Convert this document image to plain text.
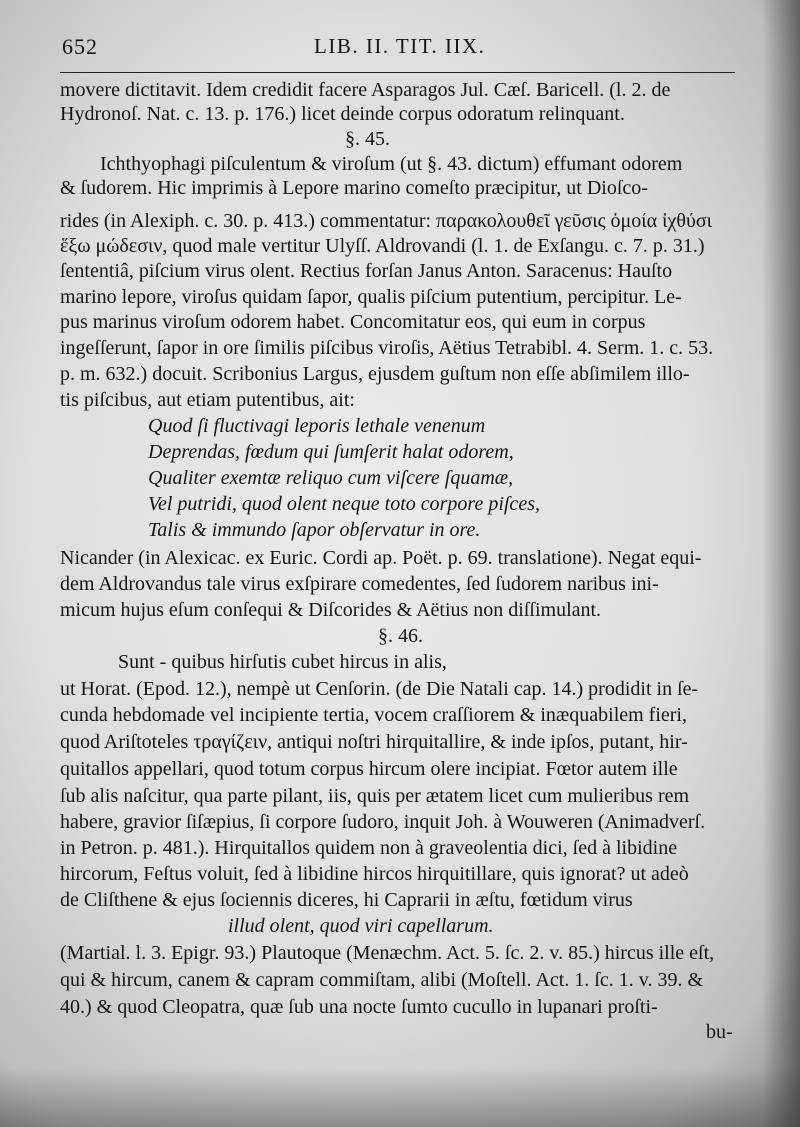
652	LIB. II. TIT. IIX.
movere dictitavit. Idem credidit facere Asparagos Jul. Cæſ. Baricell. (l. 2. de
Hydronoſ. Nat. c. 13. p. 176.) licet deinde corpus odoratum relinquant.
§. 45.
Ichthyophagi piſculentum & viroſum (ut §. 43. dictum) effumant odorem
& ſudorem. Hic imprimis à Lepore marino comeſto præcipitur, ut Dioſco-
rides (in Alexiph. c. 30. p. 413.) commentatur: παρακολουθεῖ γεῦσις ὁμοία ἰχθύσι
ἕξω μώδεσιν, quod male vertitur Ulyſſ. Aldrovandi (l. 1. de Exſangu. c. 7. p. 31.)
ſententiâ, piſcium virus olent. Rectius forſan Janus Anton. Saracenus: Hauſto
marino lepore, viroſus quidam ſapor, qualis piſcium putentium, percipitur. Le-
pus marinus viroſum odorem habet. Concomitatur eos, qui eum in corpus
ingeſſerunt, ſapor in ore ſimilis piſcibus viroſis, Aëtius Tetrabibl. 4. Serm. 1. c. 53.
p. m. 632.) docuit. Scribonius Largus, ejusdem guſtum non eſſe abſimilem illo-
tis piſcibus, aut etiam putentibus, ait:
Quod ſi fluctivagi leporis lethale venenum
Deprendas, fœdum qui ſumſerit halat odorem,
Qualiter exemtæ reliquo cum viſcere ſquamæ,
Vel putridi, quod olent neque toto corpore piſces,
Talis & immundo ſapor obſervatur in ore.
Nicander (in Alexicac. ex Euric. Cordi ap. Poët. p. 69. translatione). Negat equi-
dem Aldrovandus tale virus exſpirare comedentes, ſed ſudorem naribus ini-
micum hujus eſum conſequi & Diſcorides & Aëtius non diſſimulant.
§. 46.
Sunt - quibus hirſutis cubet hircus in alis,
ut Horat. (Epod. 12.), nempè ut Cenſorin. (de Die Natali cap. 14.) prodidit in ſe-
cunda hebdomade vel incipiente tertia, vocem craſſiorem & inæquabilem fieri,
quod Ariſtoteles τραγίζειν, antiqui noſtri hirquitallire, & inde ipſos, putant, hir-
quitallos appellari, quod totum corpus hircum olere incipiat. Fœtor autem ille
ſub alis naſcitur, qua parte pilant, iis, quis per ætatem licet cum mulieribus rem
habere, gravior ſiſæpius, ſi corpore ſudoro, inquit Joh. à Wouweren (Animadverſ.
in Petron. p. 481.). Hirquitallos quidem non à graveolentia dici, ſed à libidine
hircorum, Feſtus voluit, ſed à libidine hircos hirquitillare, quis ignorat? ut adeò
de Cliſthene & ejus ſociennis diceres, hi Caprarii in æſtu, fœtidum virus
illud olent, quod viri capellarum.
(Martial. l. 3. Epigr. 93.) Plautoque (Menæchm. Act. 5. ſc. 2. v. 85.) hircus ille eſt,
qui & hircum, canem & capram commiſtam, alibi (Moſtell. Act. 1. ſc. 1. v. 39. &
40.) & quod Cleopatra, quæ ſub una nocte ſumto cucullo in lupanari proſti-
bu-
